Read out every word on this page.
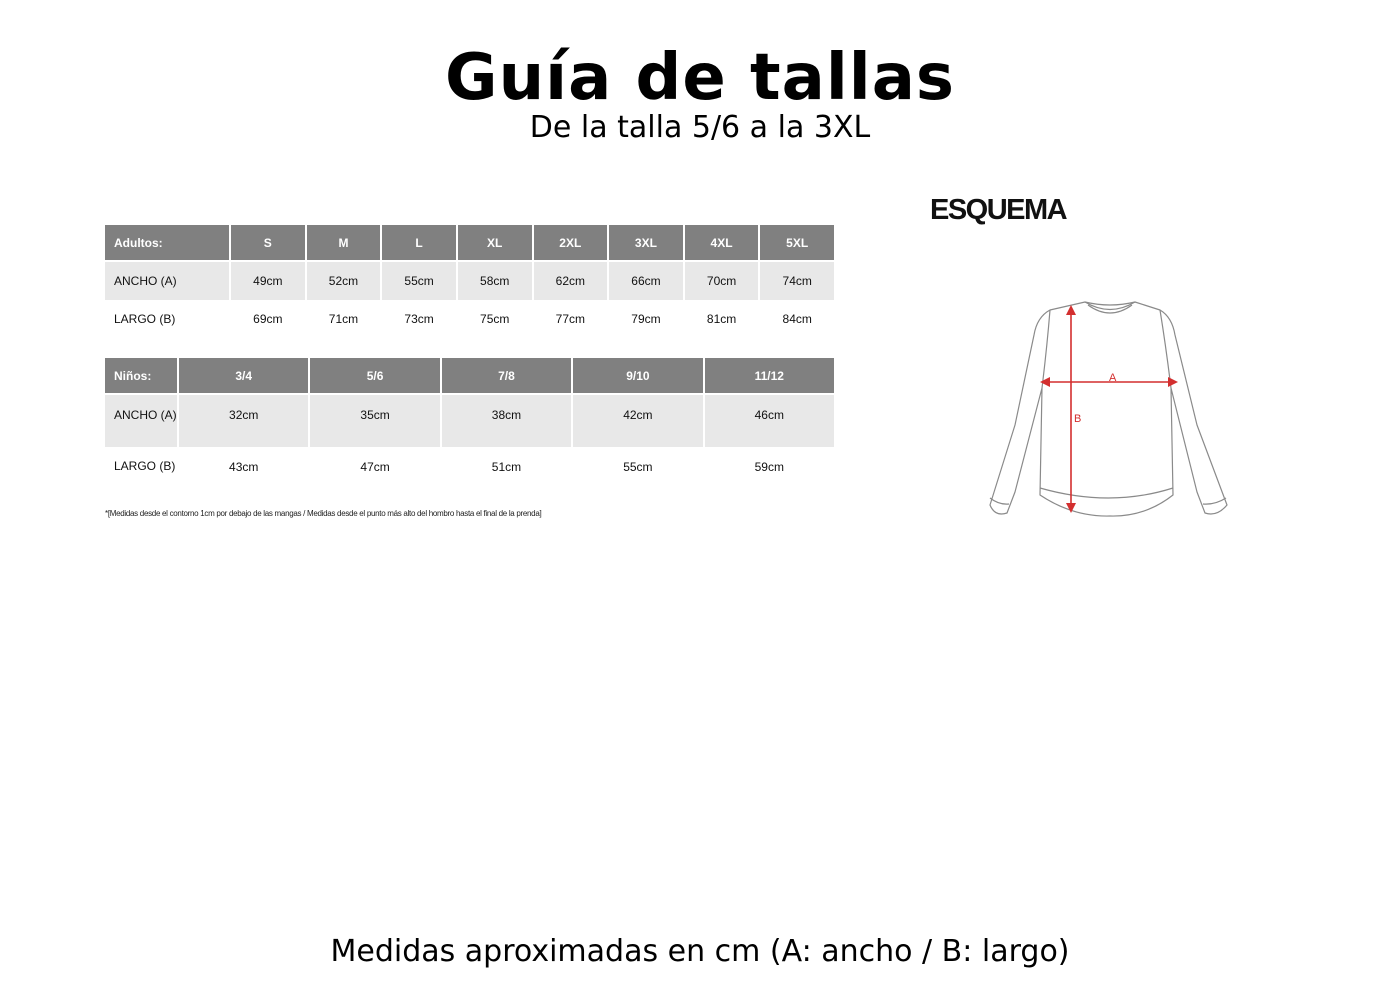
Guía de tallas
De la talla 5/6 a la 3XL
Adultos:	S	M	L	XL	2XL	3XL	4XL	5XL
ANCHO (A)	49cm	52cm	55cm	58cm	62cm	66cm	70cm	74cm
LARGO (B)	69cm	71cm	73cm	75cm	77cm	79cm	81cm	84cm
Niños:	3/4	5/6	7/8	9/10	11/12
ANCHO (A)	32cm	35cm	38cm	42cm	46cm
LARGO (B)	43cm	47cm	51cm	55cm	59cm
*[Medidas desde el contorno 1cm por debajo de las mangas / Medidas desde el punto más alto del hombro hasta el final de la prenda]
ESQUEMA
A
B
Medidas aproximadas en cm (A: ancho / B: largo)
